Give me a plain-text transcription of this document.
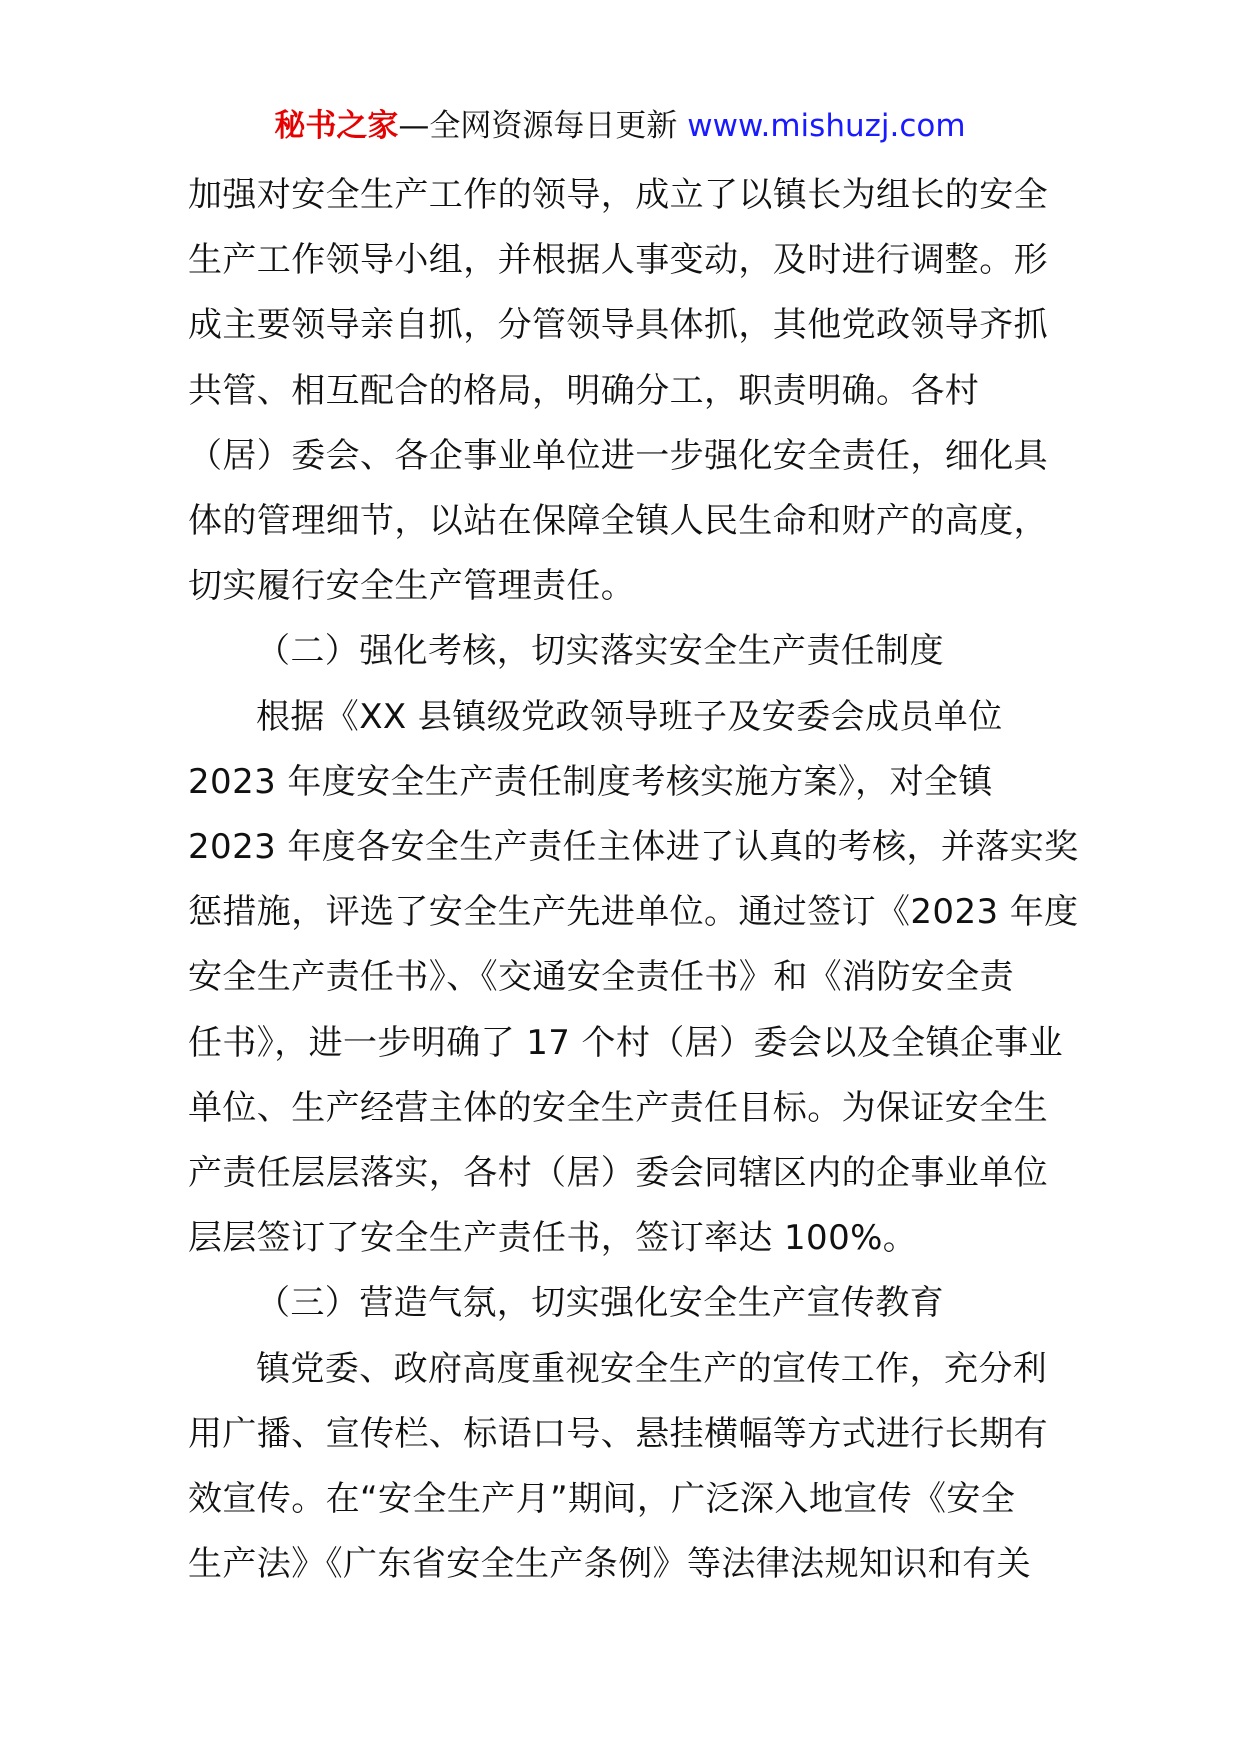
秘书之家—全网资源每日更新 www.mishuzj.com

加强对安全生产工作的领导，成立了以镇长为组长的安全

生产工作领导小组，并根据人事变动，及时进行调整。形

成主要领导亲自抓，分管领导具体抓，其他党政领导齐抓

共管、相互配合的格局，明确分工，职责明确。各村

（居）委会、各企事业单位进一步强化安全责任，细化具

体的管理细节，以站在保障全镇人民生命和财产的高度，

切实履行安全生产管理责任。

（二）强化考核，切实落实安全生产责任制度

根据《XX 县镇级党政领导班子及安委会成员单位

2023 年度安全生产责任制度考核实施方案》，对全镇

2023 年度各安全生产责任主体进了认真的考核，并落实奖

惩措施，评选了安全生产先进单位。通过签订《2023 年度

安全生产责任书》、《交通安全责任书》和《消防安全责

任书》，进一步明确了 17 个村（居）委会以及全镇企事业

单位、生产经营主体的安全生产责任目标。为保证安全生

产责任层层落实，各村（居）委会同辖区内的企事业单位

层层签订了安全生产责任书，签订率达 100%。

（三）营造气氛，切实强化安全生产宣传教育

镇党委、政府高度重视安全生产的宣传工作，充分利

用广播、宣传栏、标语口号、悬挂横幅等方式进行长期有

效宣传。在“安全生产月”期间，广泛深入地宣传《安全

生产法》《广东省安全生产条例》等法律法规知识和有关
